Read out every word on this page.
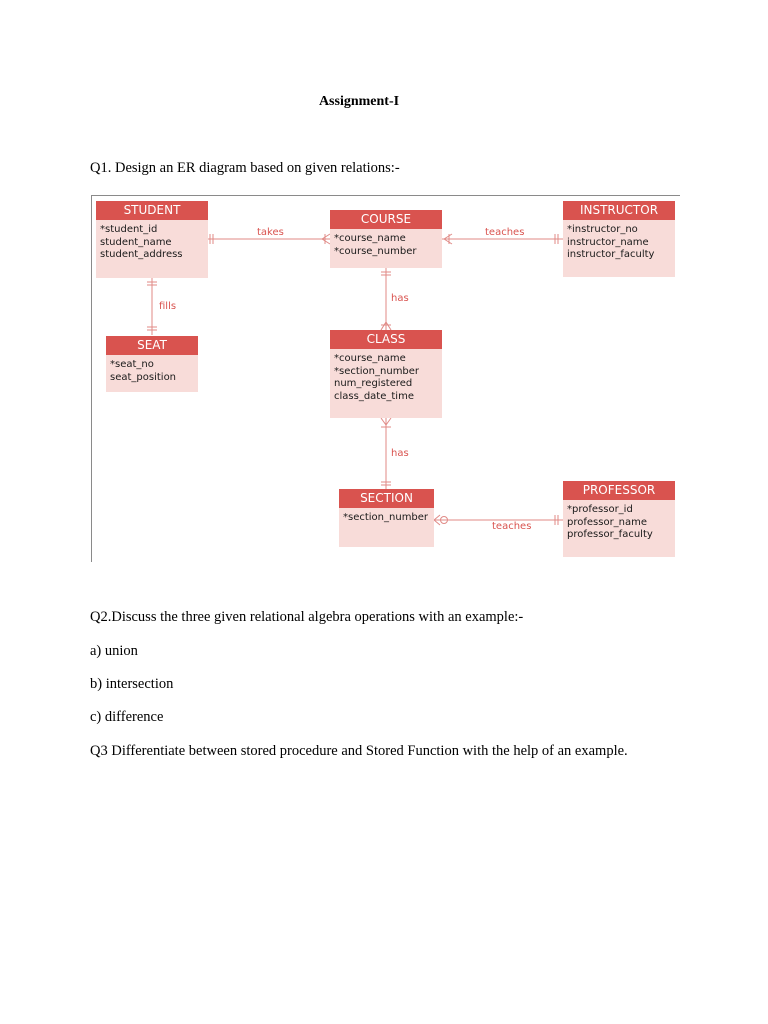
Assignment-I

Q1. Design an ER diagram based on given relations:-

STUDENT
*student_id
student_name
student_address
COURSE
*course_name
*course_number
INSTRUCTOR
*instructor_no
instructor_name
instructor_faculty
SEAT
*seat_no
seat_position
CLASS
*course_name
*section_number
num_registered
class_date_time
SECTION
*section_number
PROFESSOR
*professor_id
professor_name
professor_faculty
takes	teaches
fills
has
has
teaches

Q2.Discuss the three given relational algebra operations with an example:-

a) union

b) intersection

c) difference

Q3 Differentiate between stored procedure and Stored Function with the help of an example.
